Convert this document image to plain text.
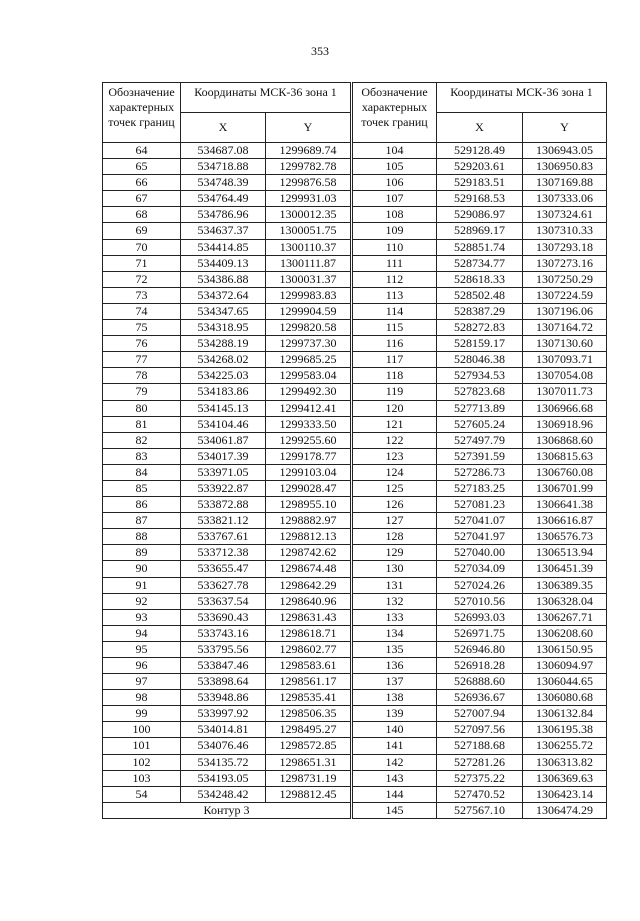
353
Обозначение характерных точек границ	Координаты МСК-36 зона 1	
	X	Y
64	534687.08	1299689.74
65	534718.88	1299782.78
66	534748.39	1299876.58
67	534764.49	1299931.03
68	534786.96	1300012.35
69	534637.37	1300051.75
70	534414.85	1300110.37
71	534409.13	1300111.87
72	534386.88	1300031.37
73	534372.64	1299983.83
74	534347.65	1299904.59
75	534318.95	1299820.58
76	534288.19	1299737.30
77	534268.02	1299685.25
78	534225.03	1299583.04
79	534183.86	1299492.30
80	534145.13	1299412.41
81	534104.46	1299333.50
82	534061.87	1299255.60
83	534017.39	1299178.77
84	533971.05	1299103.04
85	533922.87	1299028.47
86	533872.88	1298955.10
87	533821.12	1298882.97
88	533767.61	1298812.13
89	533712.38	1298742.62
90	533655.47	1298674.48
91	533627.78	1298642.29
92	533637.54	1298640.96
93	533690.43	1298631.43
94	533743.16	1298618.71
95	533795.56	1298602.77
96	533847.46	1298583.61
97	533898.64	1298561.17
98	533948.86	1298535.41
99	533997.92	1298506.35
100	534014.81	1298495.27
101	534076.46	1298572.85
102	534135.72	1298651.31
103	534193.05	1298731.19
54	534248.42	1298812.45
Контур 3		
Обозначение характерных точек границ	Координаты МСК-36 зона 1	
	X	Y
104	529128.49	1306943.05
105	529203.61	1306950.83
106	529183.51	1307169.88
107	529168.53	1307333.06
108	529086.97	1307324.61
109	528969.17	1307310.33
110	528851.74	1307293.18
111	528734.77	1307273.16
112	528618.33	1307250.29
113	528502.48	1307224.59
114	528387.29	1307196.06
115	528272.83	1307164.72
116	528159.17	1307130.60
117	528046.38	1307093.71
118	527934.53	1307054.08
119	527823.68	1307011.73
120	527713.89	1306966.68
121	527605.24	1306918.96
122	527497.79	1306868.60
123	527391.59	1306815.63
124	527286.73	1306760.08
125	527183.25	1306701.99
126	527081.23	1306641.38
127	527041.07	1306616.87
128	527041.97	1306576.73
129	527040.00	1306513.94
130	527034.09	1306451.39
131	527024.26	1306389.35
132	527010.56	1306328.04
133	526993.03	1306267.71
134	526971.75	1306208.60
135	526946.80	1306150.95
136	526918.28	1306094.97
137	526888.60	1306044.65
138	526936.67	1306080.68
139	527007.94	1306132.84
140	527097.56	1306195.38
141	527188.68	1306255.72
142	527281.26	1306313.82
143	527375.22	1306369.63
144	527470.52	1306423.14
145	527567.10	1306474.29
